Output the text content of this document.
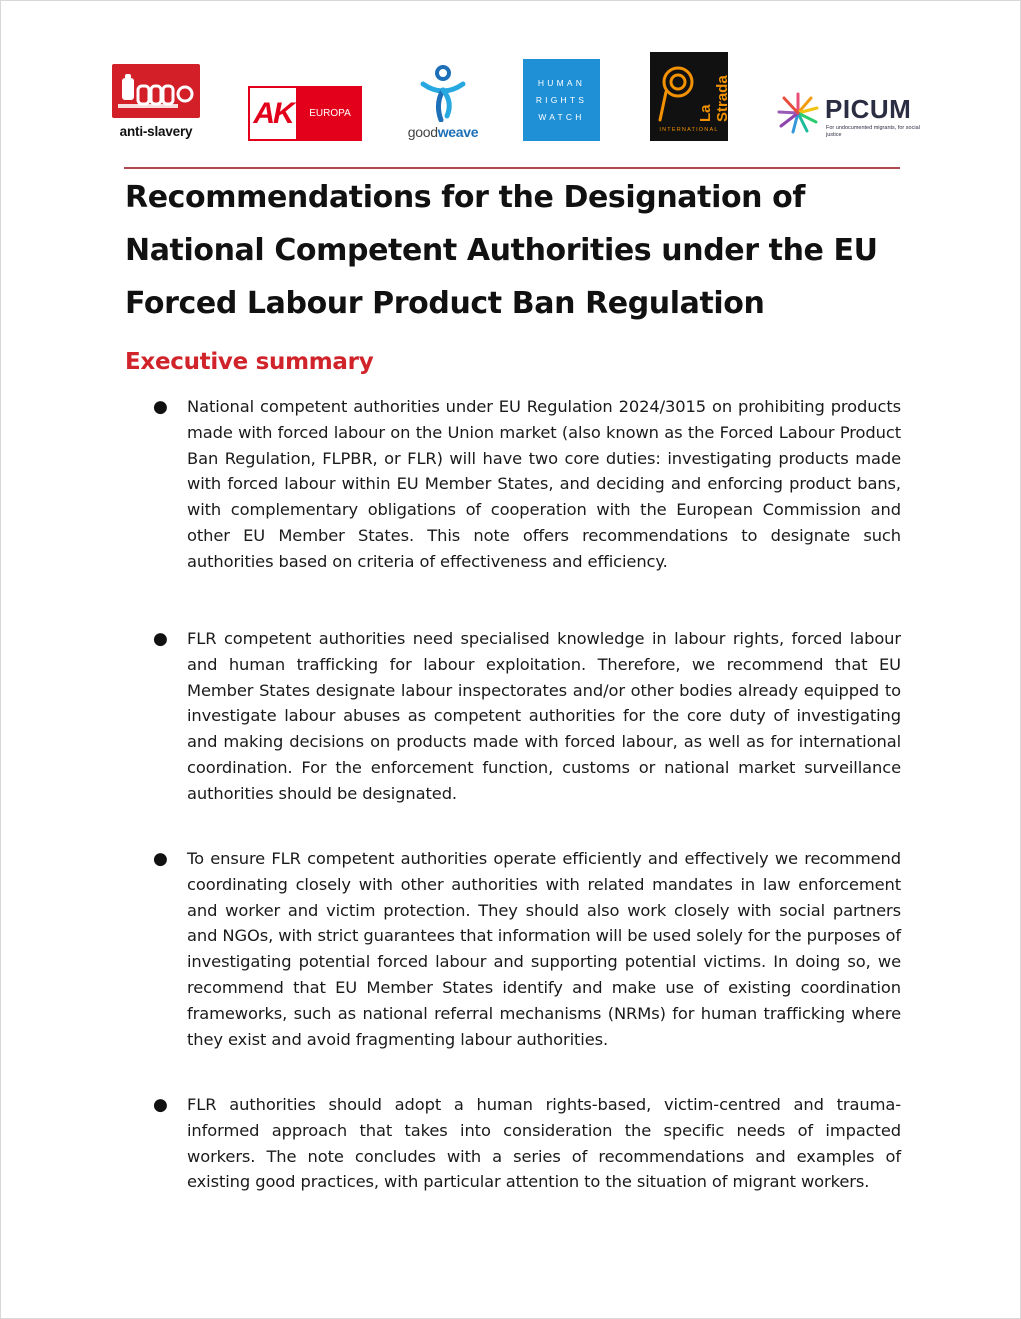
anti-slavery
AK	EUROPA
goodweave
HUMAN
RIGHTS
WATCH	La Strada
INTERNATIONAL
PICUM
For undocumented migrants, for social justice
Recommendations for the Designation of
National Competent Authorities under the EU
Forced Labour Product Ban Regulation
Executive summary
● National competent authorities under EU Regulation 2024/3015 on prohibiting products made with forced labour on the Union market (also known as the Forced Labour Product Ban Regulation, FLPBR, or FLR) will have two core duties: investigating products made with forced labour within EU Member States, and deciding and enforcing product bans, with complementary obligations of cooperation with the European Commission and other EU Member States. This note offers recommendations to designate such authorities based on criteria of effectiveness and efficiency.

● FLR competent authorities need specialised knowledge in labour rights, forced labour and human trafficking for labour exploitation. Therefore, we recommend that EU Member States designate labour inspectorates and/or other bodies already equipped to investigate labour abuses as competent authorities for the core duty of investigating and making decisions on products made with forced labour, as well as for international coordination. For the enforcement function, customs or national market surveillance authorities should be designated.

● To ensure FLR competent authorities operate efficiently and effectively we recommend coordinating closely with other authorities with related mandates in law enforcement and worker and victim protection. They should also work closely with social partners and NGOs, with strict guarantees that information will be used solely for the purposes of investigating potential forced labour and supporting potential victims. In doing so, we recommend that EU Member States identify and make use of existing coordination frameworks, such as national referral mechanisms (NRMs) for human trafficking where they exist and avoid fragmenting labour authorities.

● FLR authorities should adopt a human rights-based, victim-centred and trauma-informed approach that takes into consideration the specific needs of impacted workers. The note concludes with a series of recommendations and examples of existing good practices, with particular attention to the situation of migrant workers.
